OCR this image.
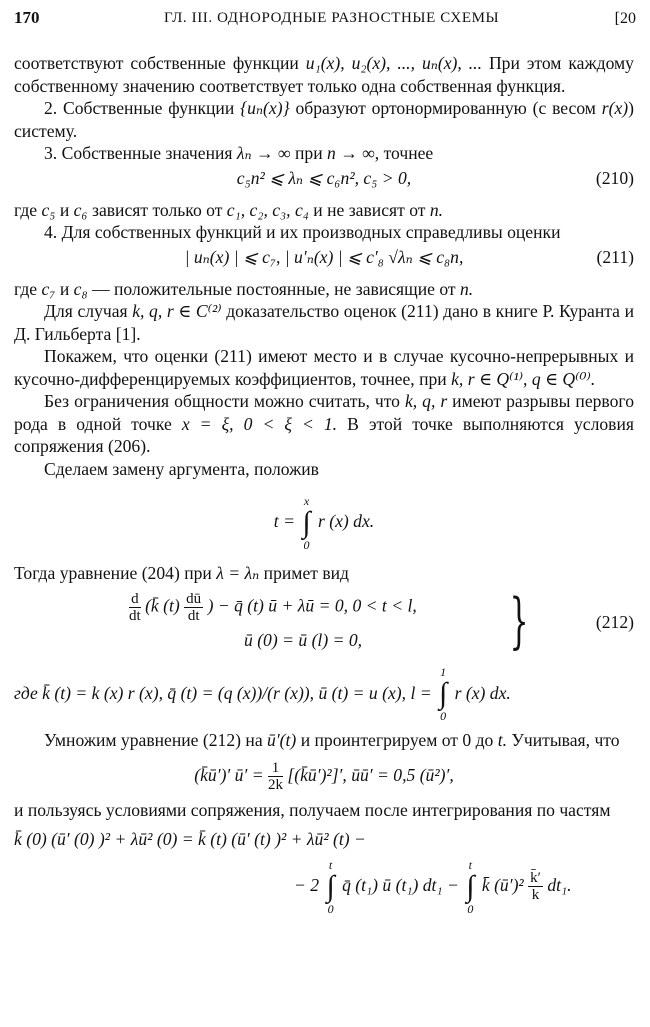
170	ГЛ. III. ОДНОРОДНЫЕ РАЗНОСТНЫЕ СХЕМЫ	[20

соответствуют собственные функции u₁(x), u₂(x), ..., uₙ(x), ... При этом каждому собственному значению соответствует только одна собственная функция.

2. Собственные функции {uₙ(x)} образуют ортонормированную (с весом r(x)) систему.

3. Собственные значения λₙ → ∞ при n → ∞, точнее

c₅n² ⩽ λₙ ⩽ c₆n², c₅ > 0,	(210)

где c₅ и c₆ зависят только от c₁, c₂, c₃, c₄ и не зависят от n.

4. Для собственных функций и их производных справедливы оценки

| uₙ(x) | ⩽ c₇, | u′ₙ(x) | ⩽ c′₈ √λₙ ⩽ c₈n,	(211)

где c₇ и c₈ — положительные постоянные, не зависящие от n.

Для случая k, q, r ∈ C⁽²⁾ доказательство оценок (211) дано в книге Р. Куранта и Д. Гильберта [1].

Покажем, что оценки (211) имеют место и в случае кусочно-непрерывных и кусочно-дифференцируемых коэффициентов, точнее, при k, r ∈ Q⁽¹⁾, q ∈ Q⁽⁰⁾.

Без ограничения общности можно считать, что k, q, r имеют разрывы первого рода в одной точке x = ξ, 0 < ξ < 1. В этой точке выполняются условия сопряжения (206).

Сделаем замену аргумента, положив

t =
x
∫
0
r (x) dx.

Тогда уравнение (204) при λ = λₙ примет вид

$\frac{d}{dt}$ (k̄ $(t) \frac{dū}{dt}$ ) − q̄ (t) ū + λū = 0, 0 < t < l,
ū (0) = ū (l) = 0, }	(212)
где k̄ (t) = k (x) r (x), q̄ (t) = (q (x))/(r (x)), ū (t) = u (x), l =
1
∫
0
r (x) dx.

Умножим уравнение (212) на ū′(t) и проинтегрируем от 0 до t. Учитывая, что

(k̄ū′)′ ū′ = $\frac{1}{2k̄}$ [(k̄ū′)²]′, ūū′ = 0,5 (ū²)′,

и пользуясь условиями сопряжения, получаем после интегрирования по частям

k̄ (0) (ū′ (0) )² + λū² (0) = k̄ (t) (ū′ (t) )² + λū² (t) −
− 2
t
∫
0
q̄ (t₁) ū (t₁) dt₁ −
t
∫
0
k̄ (ū′)² $\frac{k̄'}{k̄} dt_1$.
